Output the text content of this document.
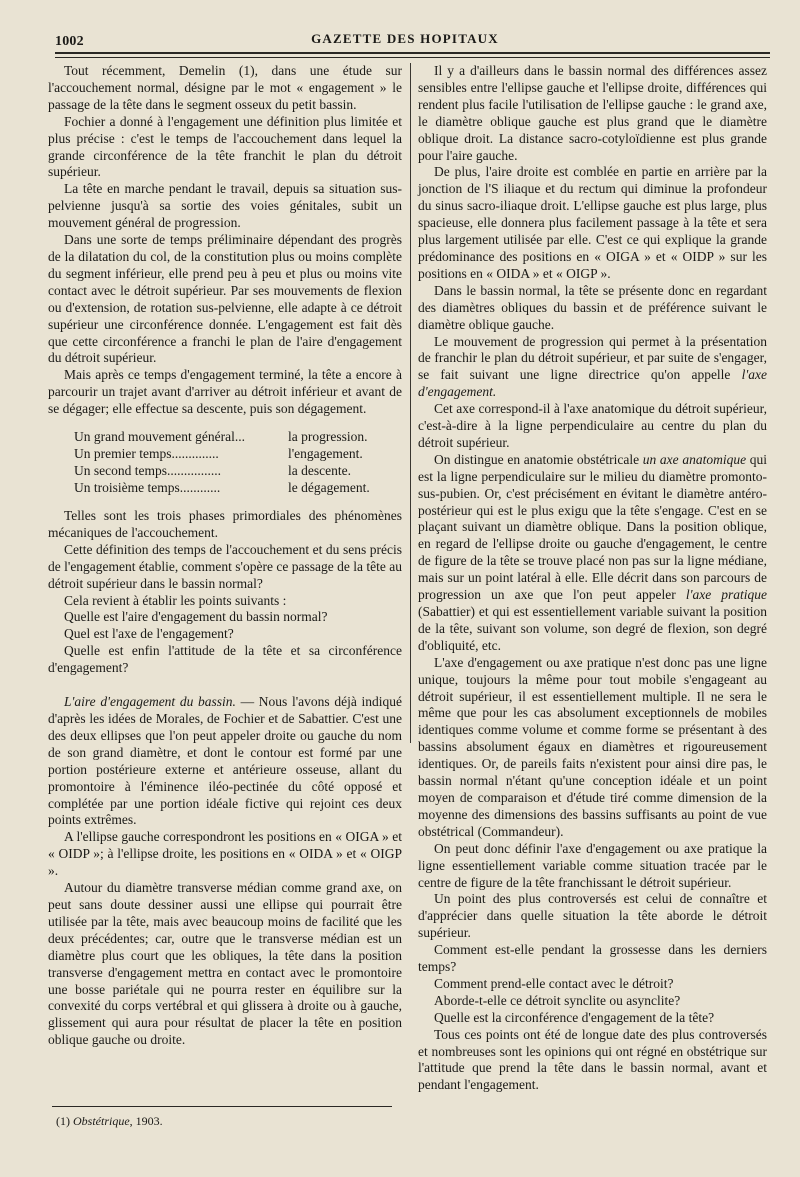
1002	GAZETTE DES HOPITAUX

Tout récemment, Demelin (1), dans une étude sur l'accouchement normal, désigne par le mot « engagement » le passage de la tête dans le segment osseux du petit bassin.

Fochier a donné à l'engagement une définition plus limitée et plus précise : c'est le temps de l'accouchement dans lequel la grande circonférence de la tête franchit le plan du détroit supérieur.

La tête en marche pendant le travail, depuis sa situation sus-pelvienne jusqu'à sa sortie des voies génitales, subit un mouvement général de progression.

Dans une sorte de temps préliminaire dépendant des progrès de la dilatation du col, de la constitution plus ou moins complète du segment inférieur, elle prend peu à peu et plus ou moins vite contact avec le détroit supérieur. Par ses mouvements de flexion ou d'extension, de rotation sus-pelvienne, elle adapte à ce détroit supérieur une circonférence donnée. L'engagement est fait dès que cette circonférence a franchi le plan de l'aire d'engagement du détroit supérieur.

Mais après ce temps d'engagement terminé, la tête a encore à parcourir un trajet avant d'arriver au détroit inférieur et avant de se dégager; elle effectue sa descente, puis son dégagement.

Un grand mouvement général...	la progression.
Un premier temps..............	l'engagement.
Un second temps................	la descente.
Un troisième temps............	le dégagement.

Telles sont les trois phases primordiales des phénomènes mécaniques de l'accouchement.

Cette définition des temps de l'accouchement et du sens précis de l'engagement établie, comment s'opère ce passage de la tête au détroit supérieur dans le bassin normal?

Cela revient à établir les points suivants :

Quelle est l'aire d'engagement du bassin normal?

Quel est l'axe de l'engagement?

Quelle est enfin l'attitude de la tête et sa circonférence d'engagement?

L'aire d'engagement du bassin. — Nous l'avons déjà indiqué d'après les idées de Morales, de Fochier et de Sabattier. C'est une des deux ellipses que l'on peut appeler droite ou gauche du nom de son grand diamètre, et dont le contour est formé par une portion postérieure externe et antérieure osseuse, allant du promontoire à l'éminence iléo-pectinée du côté opposé et complétée par une portion idéale fictive qui rejoint ces deux points extrêmes.

A l'ellipse gauche correspondront les positions en « OIGA » et « OIDP »; à l'ellipse droite, les positions en « OIDA » et « OIGP ».

Autour du diamètre transverse médian comme grand axe, on peut sans doute dessiner aussi une ellipse qui pourrait être utilisée par la tête, mais avec beaucoup moins de facilité que les deux précédentes; car, outre que le transverse médian est un diamètre plus court que les obliques, la tête dans la position transverse d'engagement mettra en contact avec le promontoire une bosse pariétale qui ne pourra rester en équilibre sur la convexité du corps vertébral et qui glissera à droite ou à gauche, glissement qui aura pour résultat de placer la tête en position oblique gauche ou droite.

Il y a d'ailleurs dans le bassin normal des différences assez sensibles entre l'ellipse gauche et l'ellipse droite, différences qui rendent plus facile l'utilisation de l'ellipse gauche : le grand axe, le diamètre oblique gauche est plus grand que le diamètre oblique droit. La distance sacro-cotyloïdienne est plus grande pour l'aire gauche.

De plus, l'aire droite est comblée en partie en arrière par la jonction de l'S iliaque et du rectum qui diminue la profondeur du sinus sacro-iliaque droit. L'ellipse gauche est plus large, plus spacieuse, elle donnera plus facilement passage à la tête et sera plus largement utilisée par elle. C'est ce qui explique la grande prédominance des positions en « OIGA » et « OIDP » sur les positions en « OIDA » et « OIGP ».

Dans le bassin normal, la tête se présente donc en regardant des diamètres obliques du bassin et de préférence suivant le diamètre oblique gauche.

Le mouvement de progression qui permet à la présentation de franchir le plan du détroit supérieur, et par suite de s'engager, se fait suivant une ligne directrice qu'on appelle l'axe d'engagement.

Cet axe correspond-il à l'axe anatomique du détroit supérieur, c'est-à-dire à la ligne perpendiculaire au centre du plan du détroit supérieur.

On distingue en anatomie obstétricale un axe anatomique qui est la ligne perpendiculaire sur le milieu du diamètre promonto-sus-pubien. Or, c'est précisément en évitant le diamètre antéro-postérieur qui est le plus exigu que la tête s'engage. C'est en se plaçant suivant un diamètre oblique. Dans la position oblique, en regard de l'ellipse droite ou gauche d'engagement, le centre de figure de la tête se trouve placé non pas sur la ligne médiane, mais sur un point latéral à elle. Elle décrit dans son parcours de progression un axe que l'on peut appeler l'axe pratique (Sabattier) et qui est essentiellement variable suivant la position de la tête, suivant son volume, son degré de flexion, son degré d'obliquité, etc.

L'axe d'engagement ou axe pratique n'est donc pas une ligne unique, toujours la même pour tout mobile s'engageant au détroit supérieur, il est essentiellement multiple. Il ne sera le même que pour les cas absolument exceptionnels de mobiles identiques comme volume et comme forme se présentant à des bassins absolument égaux en diamètres et rigoureusement identiques. Or, de pareils faits n'existent pour ainsi dire pas, le bassin normal n'étant qu'une conception idéale et un point moyen de comparaison et d'étude tiré comme dimension de la moyenne des dimensions des bassins suffisants au point de vue obstétrical (Commandeur).

On peut donc définir l'axe d'engagement ou axe pratique la ligne essentiellement variable comme situation tracée par le centre de figure de la tête franchissant le détroit supérieur.

Un point des plus controversés est celui de connaître et d'apprécier dans quelle situation la tête aborde le détroit supérieur.

Comment est-elle pendant la grossesse dans les derniers temps?

Comment prend-elle contact avec le détroit?

Aborde-t-elle ce détroit synclite ou asynclite?

Quelle est la circonférence d'engagement de la tête?

Tous ces points ont été de longue date des plus controversés et nombreuses sont les opinions qui ont régné en obstétrique sur l'attitude que prend la tête dans le bassin normal, avant et pendant l'engagement.

(1) Obstétrique, 1903.
